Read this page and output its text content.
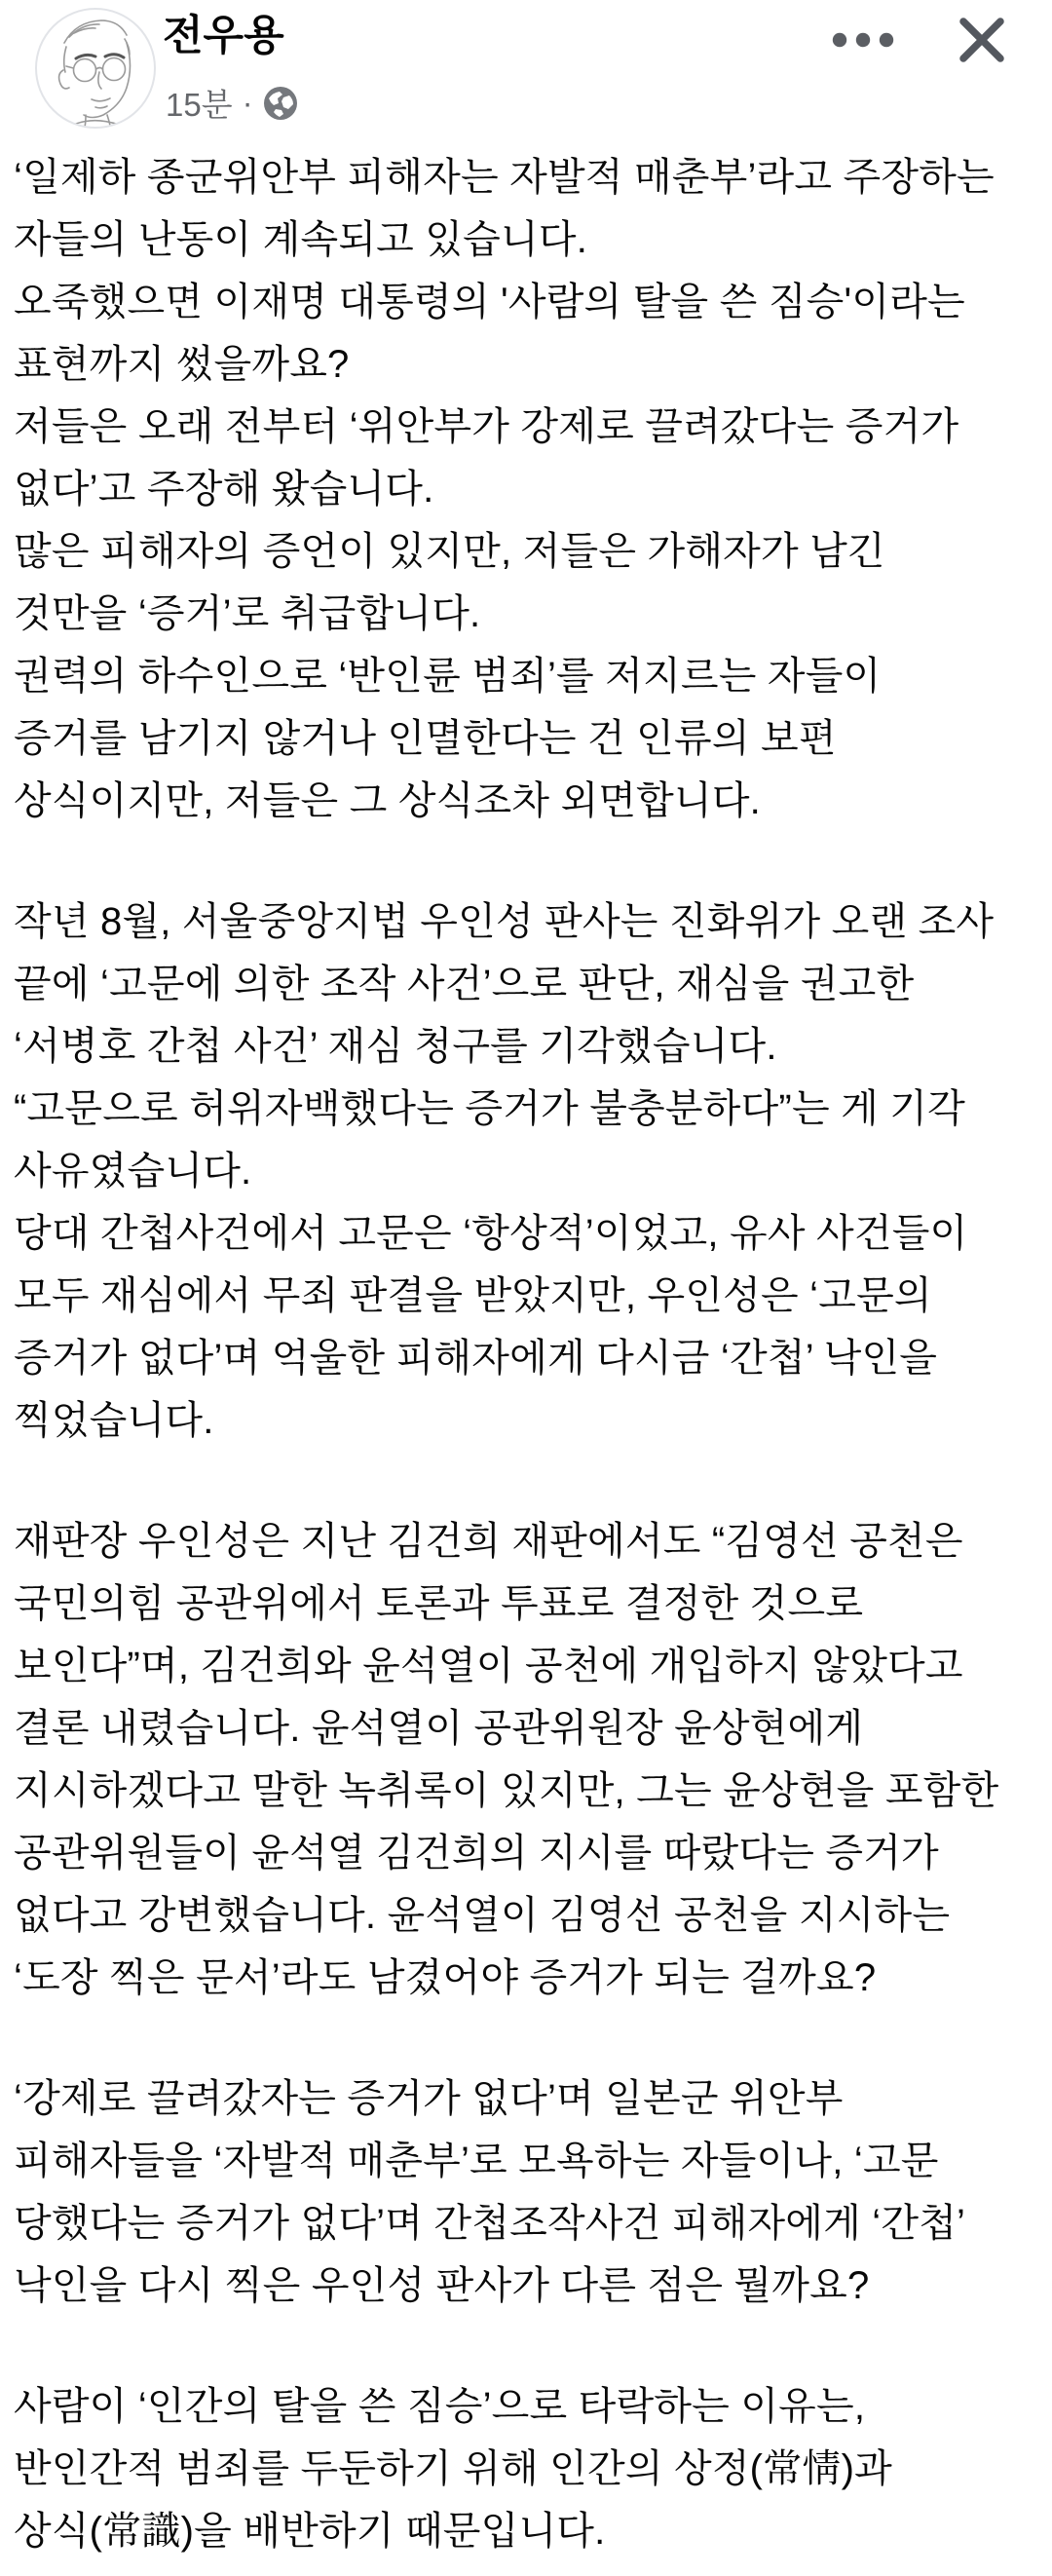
전우용
15분 ·
‘일제하 종군위안부 피해자는 자발적 매춘부’라고 주장하는
자들의 난동이 계속되고 있습니다.
오죽했으면 이재명 대통령의 '사람의 탈을 쓴 짐승'이라는
표현까지 썼을까요?
저들은 오래 전부터 ‘위안부가 강제로 끌려갔다는 증거가
없다’고 주장해 왔습니다.
많은 피해자의 증언이 있지만, 저들은 가해자가 남긴
것만을 ‘증거’로 취급합니다.
권력의 하수인으로 ‘반인륜 범죄’를 저지르는 자들이
증거를 남기지 않거나 인멸한다는 건 인류의 보편
상식이지만, 저들은 그 상식조차 외면합니다.
작년 8월, 서울중앙지법 우인성 판사는 진화위가 오랜 조사
끝에 ‘고문에 의한 조작 사건’으로 판단, 재심을 권고한
‘서병호 간첩 사건’ 재심 청구를 기각했습니다.
“고문으로 허위자백했다는 증거가 불충분하다”는 게 기각
사유였습니다.
당대 간첩사건에서 고문은 ‘항상적’이었고, 유사 사건들이
모두 재심에서 무죄 판결을 받았지만, 우인성은 ‘고문의
증거가 없다’며 억울한 피해자에게 다시금 ‘간첩’ 낙인을
찍었습니다.
재판장 우인성은 지난 김건희 재판에서도 “김영선 공천은
국민의힘 공관위에서 토론과 투표로 결정한 것으로
보인다”며, 김건희와 윤석열이 공천에 개입하지 않았다고
결론 내렸습니다. 윤석열이 공관위원장 윤상현에게
지시하겠다고 말한 녹취록이 있지만, 그는 윤상현을 포함한
공관위원들이 윤석열 김건희의 지시를 따랐다는 증거가
없다고 강변했습니다. 윤석열이 김영선 공천을 지시하는
‘도장 찍은 문서’라도 남겼어야 증거가 되는 걸까요?
‘강제로 끌려갔자는 증거가 없다’며 일본군 위안부
피해자들을 ‘자발적 매춘부’로 모욕하는 자들이나, ‘고문
당했다는 증거가 없다’며 간첩조작사건 피해자에게 ‘간첩’
낙인을 다시 찍은 우인성 판사가 다른 점은 뭘까요?
사람이 ‘인간의 탈을 쓴 짐승’으로 타락하는 이유는,
반인간적 범죄를 두둔하기 위해 인간의 상정(常情)과
상식(常識)을 배반하기 때문입니다.
